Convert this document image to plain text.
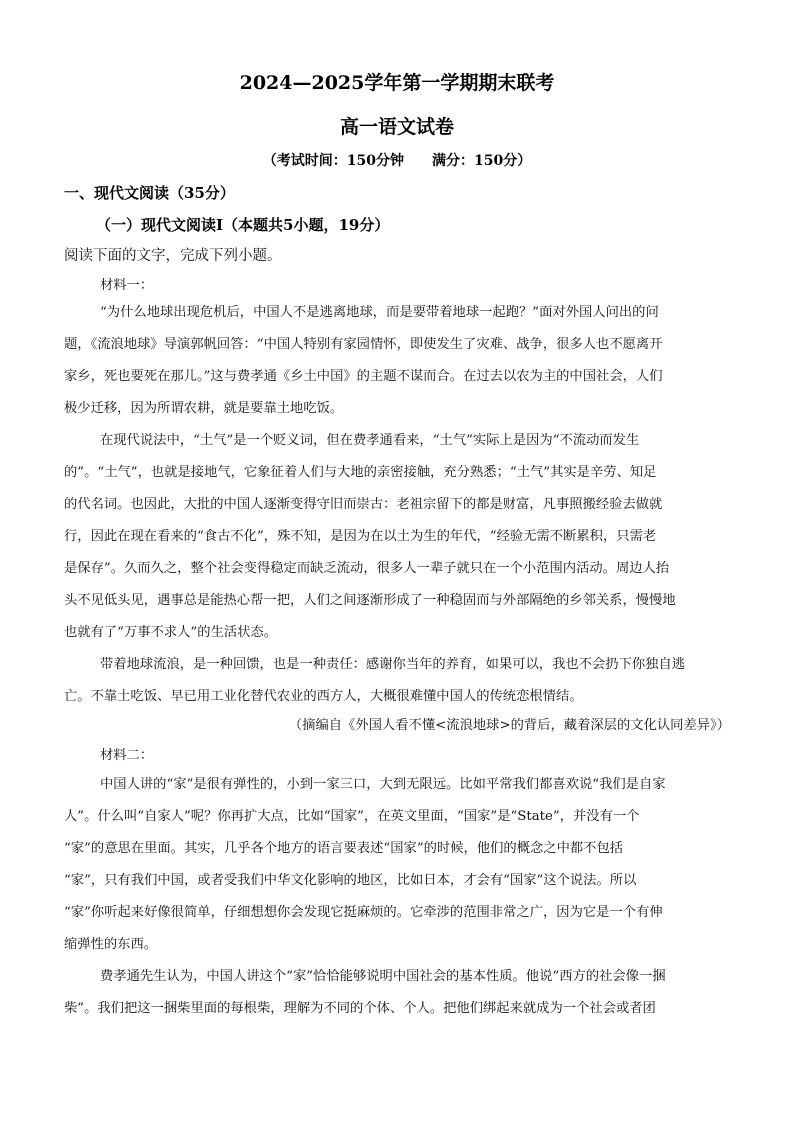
2024—2025学年第一学期期末联考
高一语文试卷
（考试时间：150分钟 满分：150分）
一、现代文阅读（35分）
（一）现代文阅读Ⅰ（本题共5小题，19分）
阅读下面的文字，完成下列小题。
材料一：
“为什么地球出现危机后，中国人不是逃离地球，而是要带着地球一起跑？”面对外国人问出的问
题，《流浪地球》导演郭帆回答：“中国人特别有家园情怀，即使发生了灾难、战争，很多人也不愿离开
家乡，死也要死在那儿。”这与费孝通《乡土中国》的主题不谋而合。在过去以农为主的中国社会，人们
极少迁移，因为所谓农耕，就是要靠土地吃饭。
在现代说法中，“土气”是一个贬义词，但在费孝通看来，“土气”实际上是因为“不流动而发生
的”。“土气”，也就是接地气，它象征着人们与大地的亲密接触，充分熟悉；“土气”其实是辛劳、知足
的代名词。也因此，大批的中国人逐渐变得守旧而崇古：老祖宗留下的都是财富，凡事照搬经验去做就
行，因此在现在看来的“食古不化”，殊不知，是因为在以土为生的年代，“经验无需不断累积，只需老
是保存”。久而久之，整个社会变得稳定而缺乏流动，很多人一辈子就只在一个小范围内活动。周边人抬
头不见低头见，遇事总是能热心帮一把，人们之间逐渐形成了一种稳固而与外部隔绝的乡邻关系，慢慢地
也就有了“万事不求人”的生活状态。
带着地球流浪，是一种回馈，也是一种责任：感谢你当年的养育，如果可以，我也不会扔下你独自逃
亡。不靠土吃饭、早已用工业化替代农业的西方人，大概很难懂中国人的传统恋根情结。
（摘编自《外国人看不懂<流浪地球>的背后，藏着深层的文化认同差异》）
材料二：
中国人讲的“家”是很有弹性的，小到一家三口，大到无限远。比如平常我们都喜欢说“我们是自家
人”。什么叫“自家人”呢？你再扩大点，比如“国家”，在英文里面，“国家”是“State”，并没有一个
“家”的意思在里面。其实，几乎各个地方的语言要表述“国家”的时候，他们的概念之中都不包括
“家”，只有我们中国，或者受我们中华文化影响的地区，比如日本，才会有“国家”这个说法。所以
“家”你听起来好像很简单，仔细想想你会发现它挺麻烦的。它牵涉的范围非常之广，因为它是一个有伸
缩弹性的东西。
费孝通先生认为，中国人讲这个“家”恰恰能够说明中国社会的基本性质。他说“西方的社会像一捆
柴”。我们把这一捆柴里面的每根柴，理解为不同的个体、个人。把他们绑起来就成为一个社会或者团
